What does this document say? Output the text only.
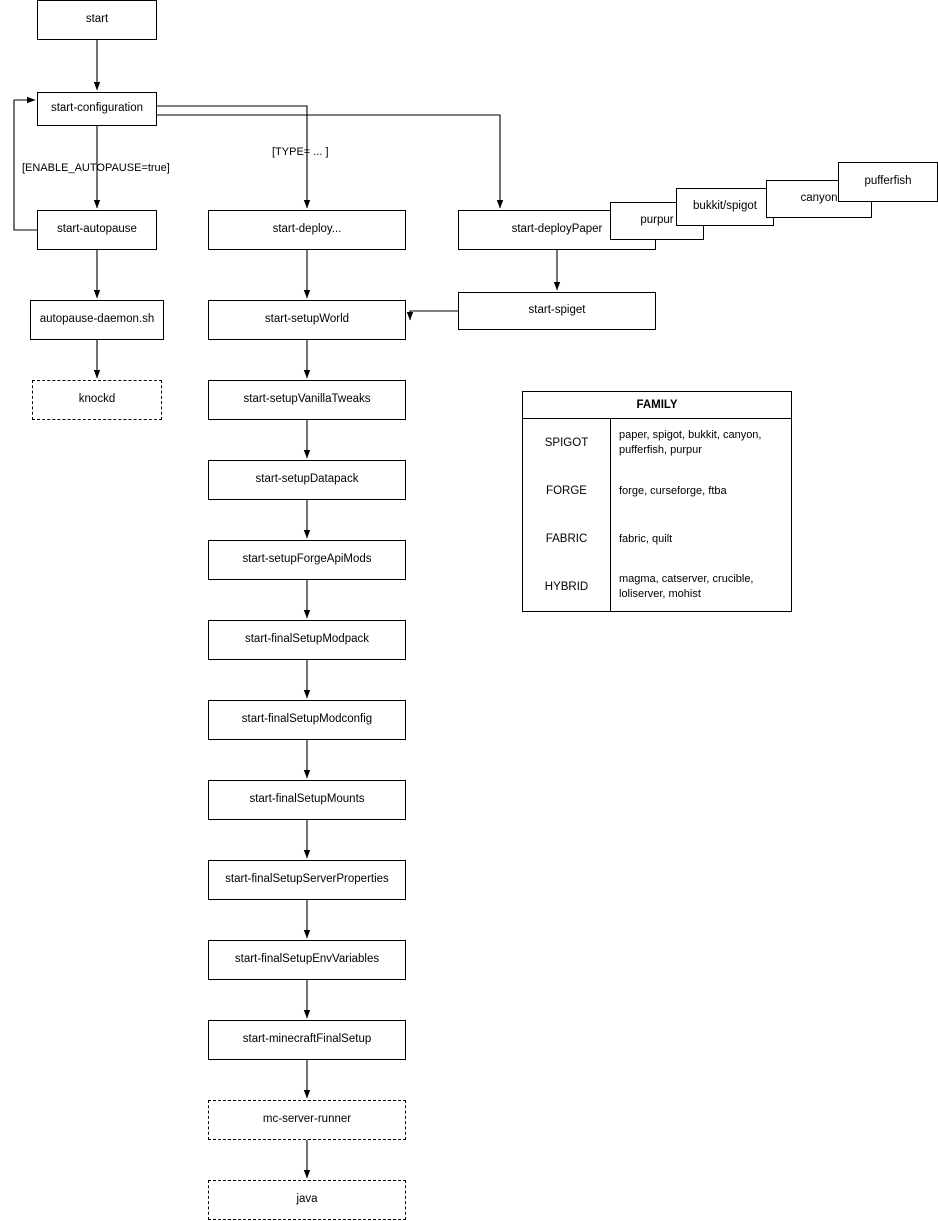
start
start-configuration
start-autopause
autopause-daemon.sh
knockd
start-deploy...
start-setupWorld
start-setupVanillaTweaks
start-setupDatapack
start-setupForgeApiMods
start-finalSetupModpack
start-finalSetupModconfig
start-finalSetupMounts
start-finalSetupServerProperties
start-finalSetupEnvVariables
start-minecraftFinalSetup
mc-server-runner
java
pufferfish
canyon
bukkit/spigot
purpur
start-deployPaper
start-spiget
[ENABLE_AUTOPAUSE=true]
[TYPE= ... ]
FAMILY
SPIGOT
paper, spigot, bukkit, canyon, pufferfish, purpur
FORGE	forge, curseforge, ftba
FABRIC	fabric, quilt
HYBRID
magma, catserver, crucible, loliserver, mohist
